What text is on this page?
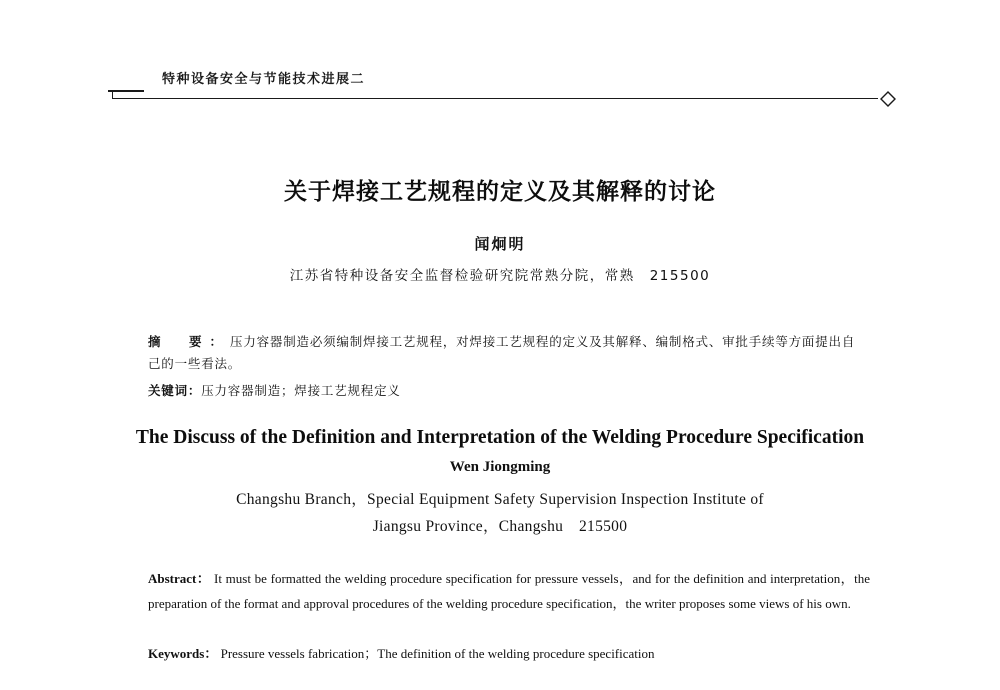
特种设备安全与节能技术进展二
关于焊接工艺规程的定义及其解释的讨论
闻炯明
江苏省特种设备安全监督检验研究院常熟分院，常熟　215500
摘　要：压力容器制造必须编制焊接工艺规程，对焊接工艺规程的定义及其解释、编制格式、审批手续等方面提出自己的一些看法。
关键词：压力容器制造；焊接工艺规程定义
The Discuss of the Definition and Interpretation of the Welding Procedure Specification
Wen Jiongming
Changshu Branch，Special Equipment Safety Supervision Inspection Institute of
Jiangsu Province，Changshu　215500
Abstract： It must be formatted the welding procedure specification for pressure vessels，and for the definition and interpretation，the preparation of the format and approval procedures of the welding procedure specification，the writer proposes some views of his own.
Keywords： Pressure vessels fabrication；The definition of the welding procedure specification
